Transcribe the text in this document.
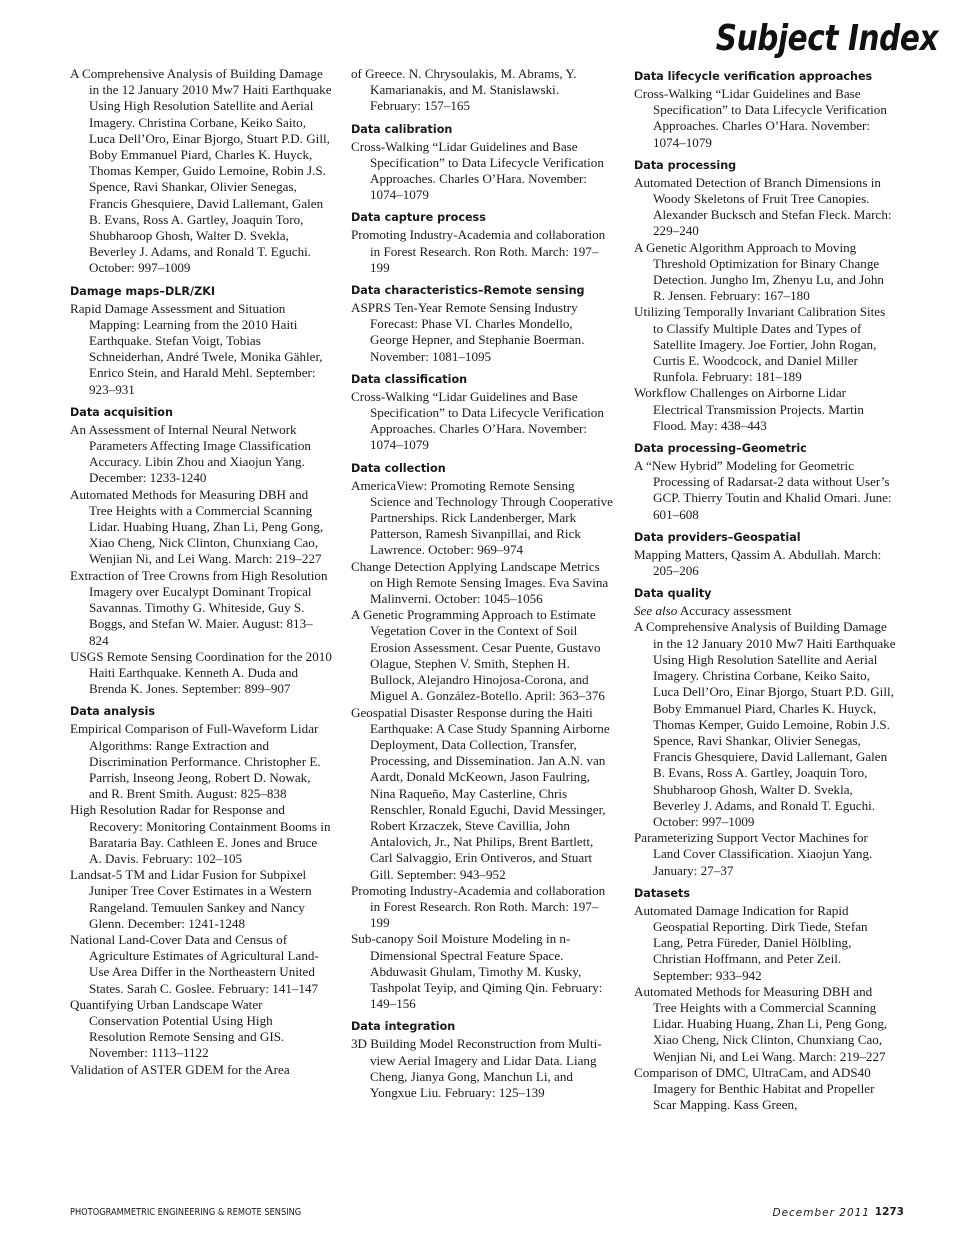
Subject Index
A Comprehensive Analysis of Building Damage in the 12 January 2010 Mw7 Haiti Earthquake Using High Resolution Satellite and Aerial Imagery. Christina Corbane, Keiko Saito, Luca Dell’Oro, Einar Bjorgo, Stuart P.D. Gill, Boby Emmanuel Piard, Charles K. Huyck, Thomas Kemper, Guido Lemoine, Robin J.S. Spence, Ravi Shankar, Olivier Senegas, Francis Ghesquiere, David Lallemant, Galen B. Evans, Ross A. Gartley, Joaquin Toro, Shubharoop Ghosh, Walter D. Svekla, Beverley J. Adams, and Ronald T. Eguchi. October: 997–1009
Damage maps–DLR/ZKI
Rapid Damage Assessment and Situation Mapping: Learning from the 2010 Haiti Earthquake. Stefan Voigt, Tobias Schneiderhan, André Twele, Monika Gähler, Enrico Stein, and Harald Mehl. September: 923–931
Data acquisition
An Assessment of Internal Neural Network Parameters Affecting Image Classification Accuracy. Libin Zhou and Xiaojun Yang. December: 1233-1240
Automated Methods for Measuring DBH and Tree Heights with a Commercial Scanning Lidar. Huabing Huang, Zhan Li, Peng Gong, Xiao Cheng, Nick Clinton, Chunxiang Cao, Wenjian Ni, and Lei Wang. March: 219–227
Extraction of Tree Crowns from High Resolution Imagery over Eucalypt Dominant Tropical Savannas. Timothy G. Whiteside, Guy S. Boggs, and Stefan W. Maier. August: 813–824
USGS Remote Sensing Coordination for the 2010 Haiti Earthquake. Kenneth A. Duda and Brenda K. Jones. September: 899–907
Data analysis
Empirical Comparison of Full-Waveform Lidar Algorithms: Range Extraction and Discrimination Performance. Christopher E. Parrish, Inseong Jeong, Robert D. Nowak, and R. Brent Smith. August: 825–838
High Resolution Radar for Response and Recovery: Monitoring Containment Booms in Barataria Bay. Cathleen E. Jones and Bruce A. Davis. February: 102–105
Landsat-5 TM and Lidar Fusion for Subpixel Juniper Tree Cover Estimates in a Western Rangeland. Temuulen Sankey and Nancy Glenn. December: 1241-1248
National Land-Cover Data and Census of Agriculture Estimates of Agricultural Land-Use Area Differ in the Northeastern United States. Sarah C. Goslee. February: 141–147
Quantifying Urban Landscape Water Conservation Potential Using High Resolution Remote Sensing and GIS. November: 1113–1122
Validation of ASTER GDEM for the Area
of Greece. N. Chrysoulakis, M. Abrams, Y. Kamarianakis, and M. Stanislawski. February: 157–165
Data calibration
Cross-Walking “Lidar Guidelines and Base Specification” to Data Lifecycle Verification Approaches. Charles O’Hara. November: 1074–1079
Data capture process
Promoting Industry-Academia and collaboration in Forest Research. Ron Roth. March: 197–199
Data characteristics–Remote sensing
ASPRS Ten-Year Remote Sensing Industry Forecast: Phase VI. Charles Mondello, George Hepner, and Stephanie Boerman. November: 1081–1095
Data classification
Cross-Walking “Lidar Guidelines and Base Specification” to Data Lifecycle Verification Approaches. Charles O’Hara. November: 1074–1079
Data collection
AmericaView: Promoting Remote Sensing Science and Technology Through Cooperative Partnerships. Rick Landenberger, Mark Patterson, Ramesh Sivanpillai, and Rick Lawrence. October: 969–974
Change Detection Applying Landscape Metrics on High Remote Sensing Images. Eva Savina Malinverni. October: 1045–1056
A Genetic Programming Approach to Estimate Vegetation Cover in the Context of Soil Erosion Assessment. Cesar Puente, Gustavo Olague, Stephen V. Smith, Stephen H. Bullock, Alejandro Hinojosa-Corona, and Miguel A. González-Botello. April: 363–376
Geospatial Disaster Response during the Haiti Earthquake: A Case Study Spanning Airborne Deployment, Data Collection, Transfer, Processing, and Dissemination. Jan A.N. van Aardt, Donald McKeown, Jason Faulring, Nina Raqueño, May Casterline, Chris Renschler, Ronald Eguchi, David Messinger, Robert Krzaczek, Steve Cavillia, John Antalovich, Jr., Nat Philips, Brent Bartlett, Carl Salvaggio, Erin Ontiveros, and Stuart Gill. September: 943–952
Promoting Industry-Academia and collaboration in Forest Research. Ron Roth. March: 197–199
Sub-canopy Soil Moisture Modeling in n-Dimensional Spectral Feature Space. Abduwasit Ghulam, Timothy M. Kusky, Tashpolat Teyip, and Qiming Qin. February: 149–156
Data integration
3D Building Model Reconstruction from Multi-view Aerial Imagery and Lidar Data. Liang Cheng, Jianya Gong, Manchun Li, and Yongxue Liu. February: 125–139
Data lifecycle verification approaches
Cross-Walking “Lidar Guidelines and Base Specification” to Data Lifecycle Verification Approaches. Charles O’Hara. November: 1074–1079
Data processing
Automated Detection of Branch Dimensions in Woody Skeletons of Fruit Tree Canopies. Alexander Bucksch and Stefan Fleck. March: 229–240
A Genetic Algorithm Approach to Moving Threshold Optimization for Binary Change Detection. Jungho Im, Zhenyu Lu, and John R. Jensen. February: 167–180
Utilizing Temporally Invariant Calibration Sites to Classify Multiple Dates and Types of Satellite Imagery. Joe Fortier, John Rogan, Curtis E. Woodcock, and Daniel Miller Runfola. February: 181–189
Workflow Challenges on Airborne Lidar Electrical Transmission Projects. Martin Flood. May: 438–443
Data processing–Geometric
A “New Hybrid” Modeling for Geometric Processing of Radarsat-2 data without User’s GCP. Thierry Toutin and Khalid Omari. June: 601–608
Data providers–Geospatial
Mapping Matters, Qassim A. Abdullah. March: 205–206
Data quality
See also Accuracy assessment
A Comprehensive Analysis of Building Damage in the 12 January 2010 Mw7 Haiti Earthquake Using High Resolution Satellite and Aerial Imagery. Christina Corbane, Keiko Saito, Luca Dell’Oro, Einar Bjorgo, Stuart P.D. Gill, Boby Emmanuel Piard, Charles K. Huyck, Thomas Kemper, Guido Lemoine, Robin J.S. Spence, Ravi Shankar, Olivier Senegas, Francis Ghesquiere, David Lallemant, Galen B. Evans, Ross A. Gartley, Joaquin Toro, Shubharoop Ghosh, Walter D. Svekla, Beverley J. Adams, and Ronald T. Eguchi. October: 997–1009
Parameterizing Support Vector Machines for Land Cover Classification. Xiaojun Yang. January: 27–37
Datasets
Automated Damage Indication for Rapid Geospatial Reporting. Dirk Tiede, Stefan Lang, Petra Füreder, Daniel Hölbling, Christian Hoffmann, and Peter Zeil. September: 933–942
Automated Methods for Measuring DBH and Tree Heights with a Commercial Scanning Lidar. Huabing Huang, Zhan Li, Peng Gong, Xiao Cheng, Nick Clinton, Chunxiang Cao, Wenjian Ni, and Lei Wang. March: 219–227
Comparison of DMC, UltraCam, and ADS40 Imagery for Benthic Habitat and Propeller Scar Mapping. Kass Green,
PHOTOGRAMMETRIC ENGINEERING & REMOTE SENSING	December 2011 1273
